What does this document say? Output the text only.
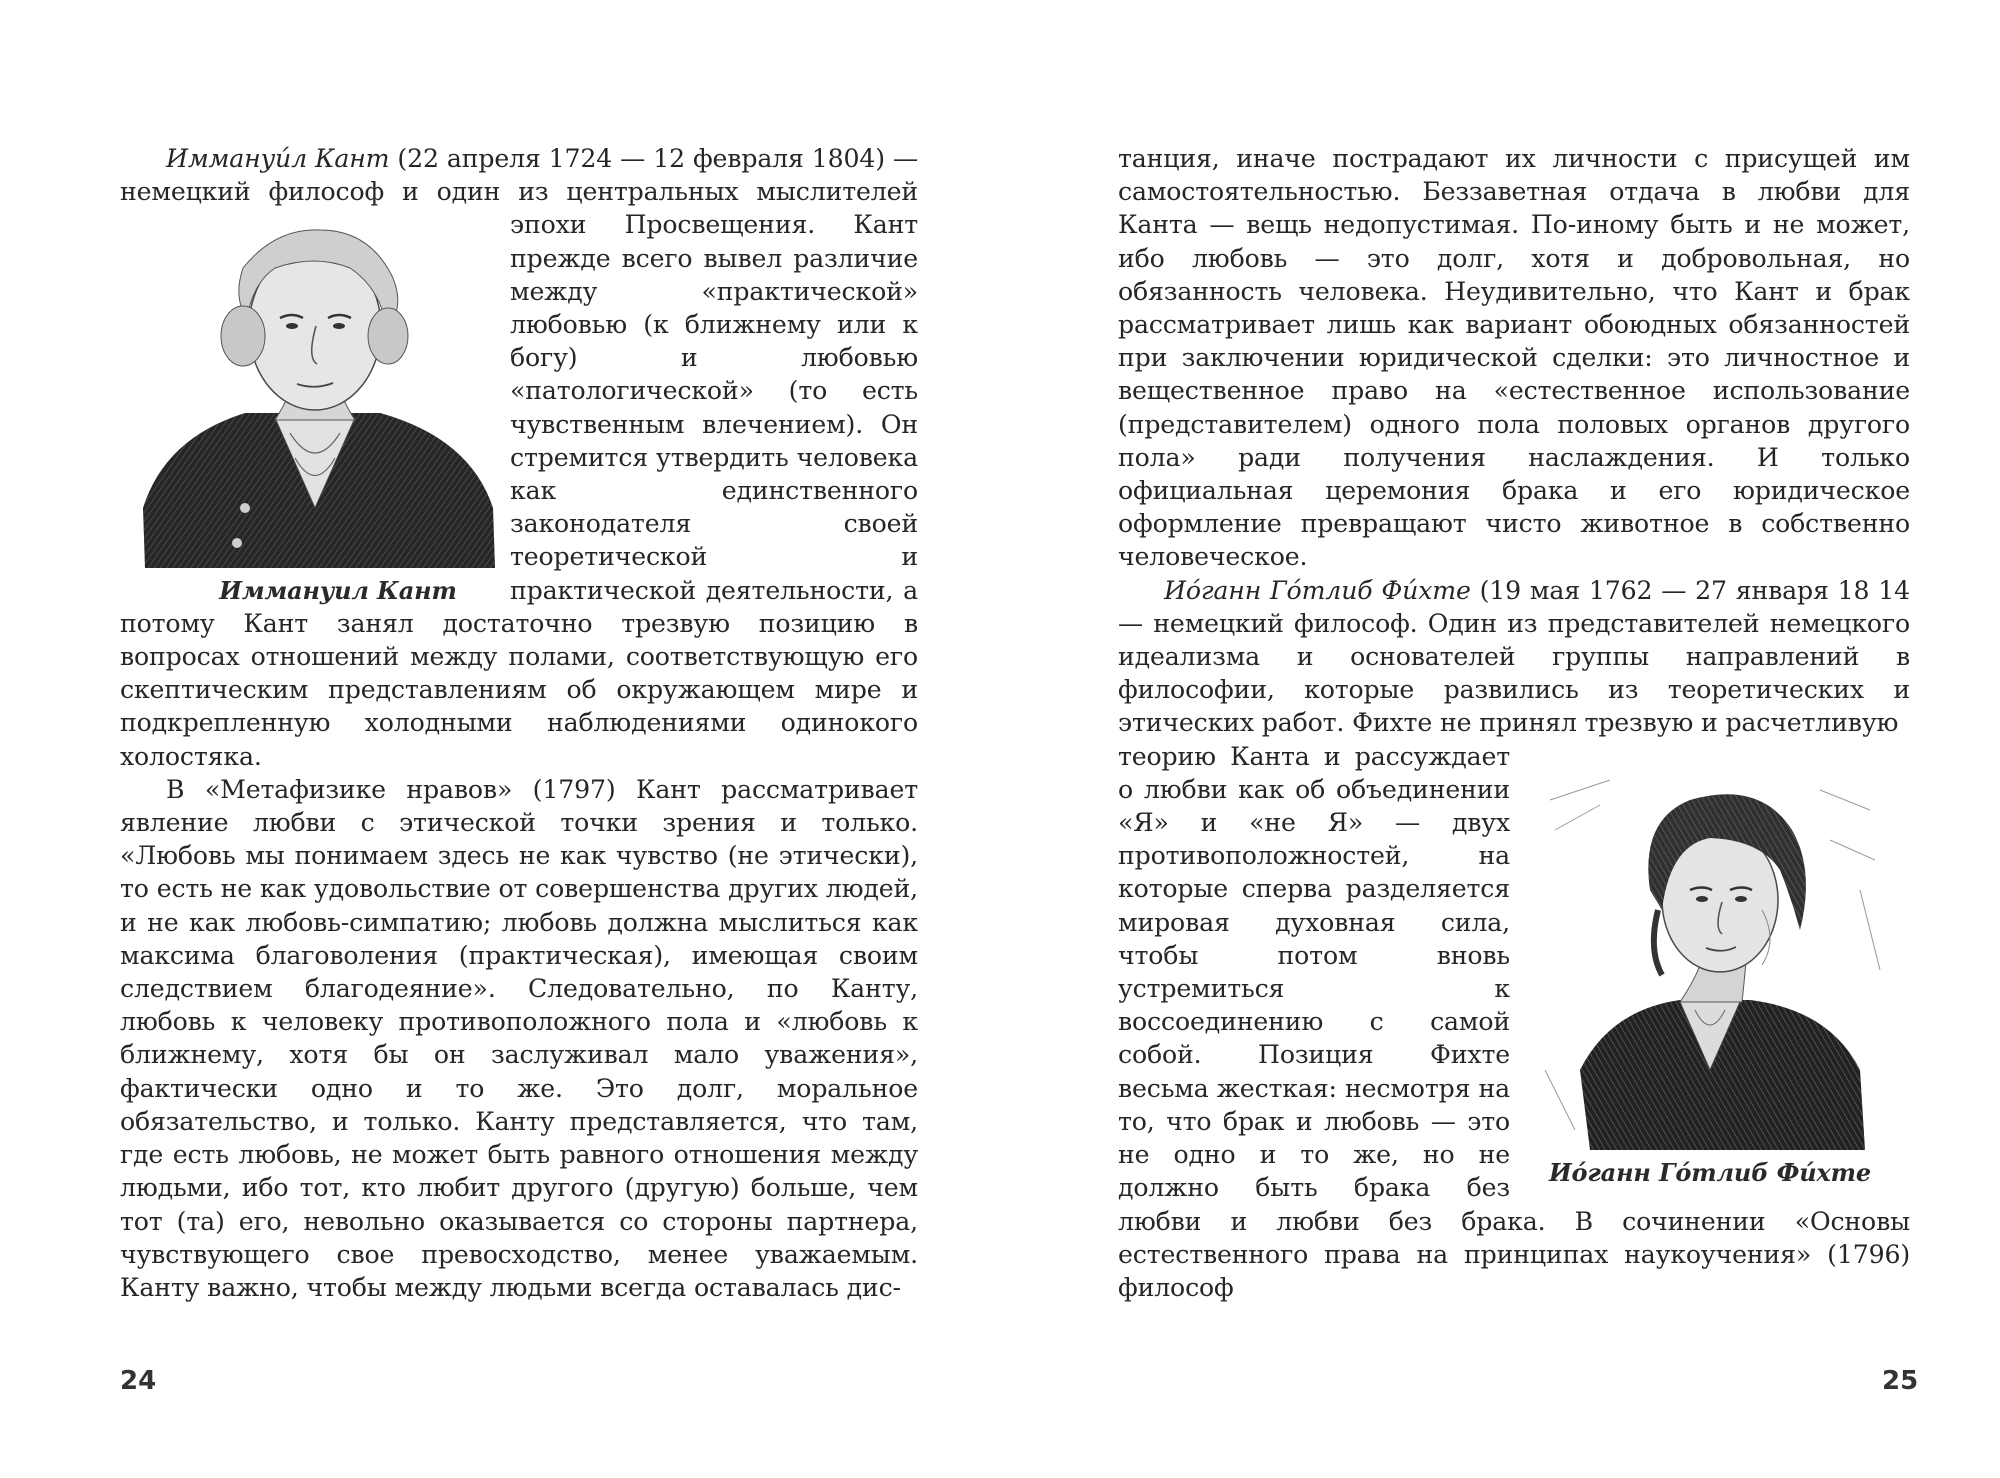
Иммануи́л Кант (22 апреля 1724 — 12 февраля 1804) — немецкий философ и один из центральных
Иммануил Кант
мыслителей эпохи Просвещения. Кант прежде всего вывел различие между «практической» любовью (к ближнему или к богу) и любовью «патологической» (то есть чувственным влечением). Он стремится утвердить человека как единственного законодателя своей теоретической и практической деятельности, а потому Кант занял достаточно трезвую позицию в вопросах отношений между полами, соответствующую его скептическим представлениям об окружающем мире и подкрепленную холодными наблюдениями одинокого холостяка.

В «Метафизике нравов» (1797) Кант рассматривает явление любви с этической точки зрения и только. «Любовь мы понимаем здесь не как чувство (не этически), то есть не как удовольствие от совершенства других людей, и не как любовь-симпатию; любовь должна мыслиться как максима благоволения (практическая), имеющая своим следствием благодеяние». Следовательно, по Канту, любовь к человеку противоположного пола и «любовь к ближнему, хотя бы он заслуживал мало уважения», фактически одно и то же. Это долг, моральное обязательство, и только. Канту представляется, что там, где есть любовь, не может быть равного отношения между людьми, ибо тот, кто любит другого (другую) больше, чем тот (та) его, невольно оказывается со стороны партнера, чувствующего свое превосходство, менее уважаемым. Канту важно, чтобы между людьми всегда оставалась дис-

24

танция, иначе пострадают их личности с присущей им самостоятельностью. Беззаветная отдача в любви для Канта — вещь недопустимая. По-иному быть и не может, ибо любовь — это долг, хотя и добровольная, но обязанность человека. Неудивительно, что Кант и брак рассматривает лишь как вариант обоюдных обязанностей при заключении юридической сделки: это личностное и вещественное право на «естественное использование (представителем) одного пола половых органов другого пола» ради получения наслаждения. И только официальная церемония брака и его юридическое оформление превращают чисто животное в собственно человеческое.

Иóганн Гóтлиб Фи́хте (19 мая 1762 — 27 января 18 14 — немецкий философ. Один из представителей немецкого идеализма и основателей группы направлений в философии, которые развились из теоретических и этических работ. Фихте не принял трезвую и расчетливую

Иóганн Гóтлиб Фи́хте

теорию Канта и рассуждает о любви как об объединении «Я» и «не Я» — двух противоположностей, на которые сперва разделяется мировая духовная сила, чтобы потом вновь устремиться к воссоединению с самой собой. Позиция Фихте весьма жесткая: несмотря на то, что брак и любовь — это не одно и то же, но не должно быть брака без любви и любви без брака. В сочинении «Основы естественного права на принципах наукоучения» (1796) философ

25
